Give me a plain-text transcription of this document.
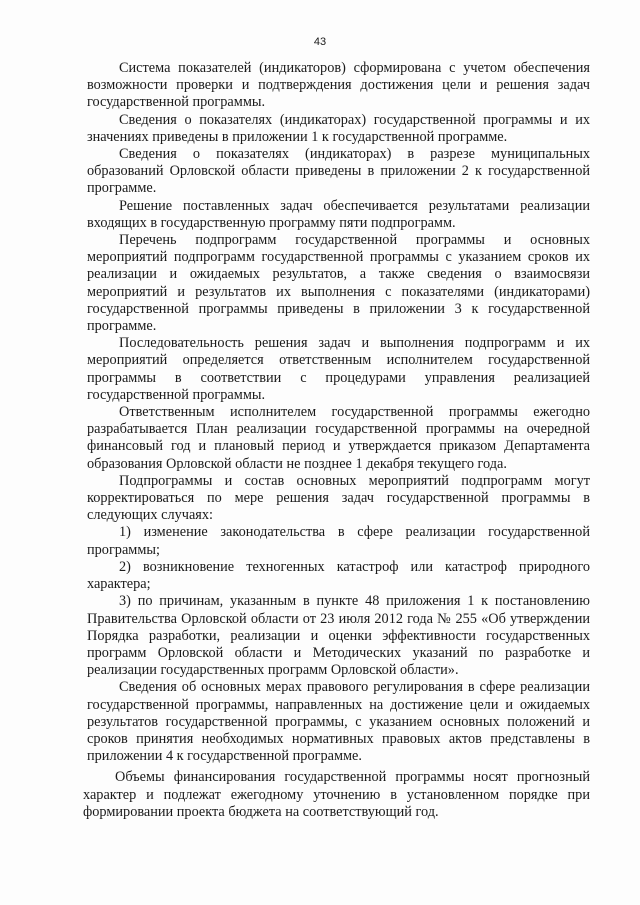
43

Система показателей (индикаторов) сформирована с учетом обеспечения возможности проверки и подтверждения достижения цели и решения задач государственной программы.

Сведения о показателях (индикаторах) государственной программы и их значениях приведены в приложении 1 к государственной программе.

Сведения о показателях (индикаторах) в разрезе муниципальных образований Орловской области приведены в приложении 2 к государственной программе.

Решение поставленных задач обеспечивается результатами реализации входящих в государственную программу пяти подпрограмм.

Перечень подпрограмм государственной программы и основных мероприятий подпрограмм государственной программы с указанием сроков их реализации и ожидаемых результатов, а также сведения о взаимосвязи мероприятий и результатов их выполнения с показателями (индикаторами) государственной программы приведены в приложении 3 к государственной программе.

Последовательность решения задач и выполнения подпрограмм и их мероприятий определяется ответственным исполнителем государственной программы в соответствии с процедурами управления реализацией государственной программы.

Ответственным исполнителем государственной программы ежегодно разрабатывается План реализации государственной программы на очередной финансовый год и плановый период и утверждается приказом Департамента образования Орловской области не позднее 1 декабря текущего года.

Подпрограммы и состав основных мероприятий подпрограмм могут корректироваться по мере решения задач государственной программы в следующих случаях:

1) изменение законодательства в сфере реализации государственной программы;

2) возникновение техногенных катастроф или катастроф природного характера;

3) по причинам, указанным в пункте 48 приложения 1 к постановлению Правительства Орловской области от 23 июля 2012 года № 255 «Об утверждении Порядка разработки, реализации и оценки эффективности государственных программ Орловской области и Методических указаний по разработке и реализации государственных программ Орловской области».

Сведения об основных мерах правового регулирования в сфере реализации государственной программы, направленных на достижение цели и ожидаемых результатов государственной программы, с указанием основных положений и сроков принятия необходимых нормативных правовых актов представлены в приложении 4 к государственной программе.

Объемы финансирования государственной программы носят прогнозный характер и подлежат ежегодному уточнению в установленном порядке при формировании проекта бюджета на соответствующий год.
